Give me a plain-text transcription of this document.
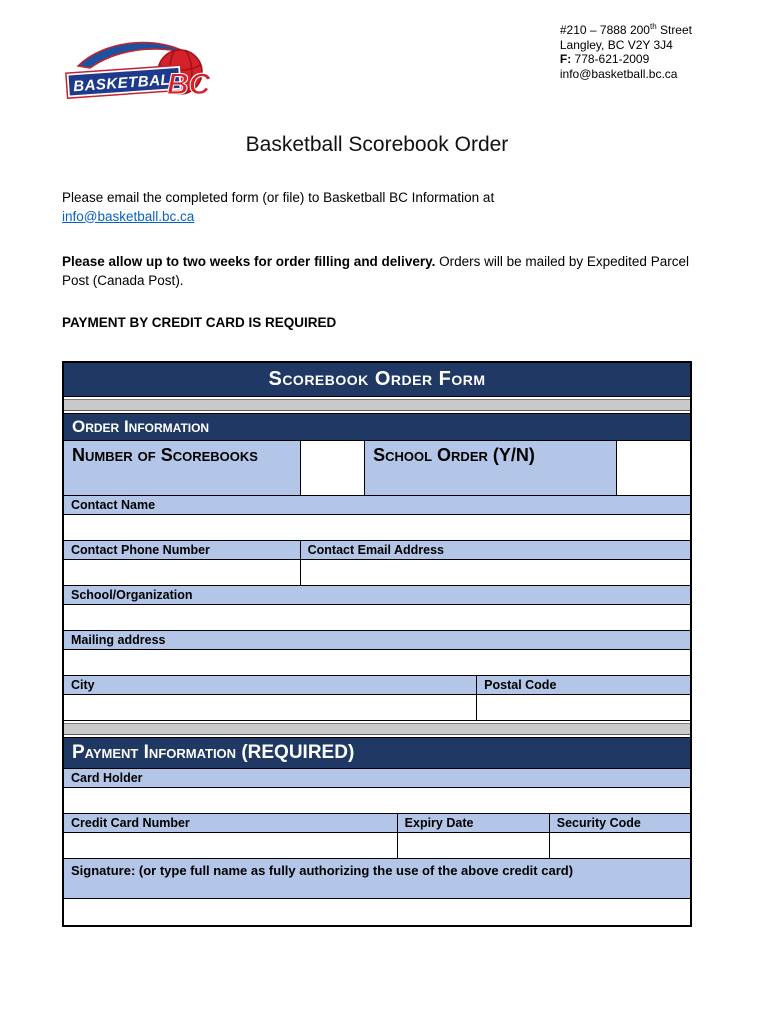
BASKETBALL
BC
#210 – 7888 200th Street
Langley, BC V2Y 3J4
F: 778-621-2009
info@basketball.bc.ca
Basketball Scorebook Order
Please email the completed form (or file) to Basketball BC Information at
info@basketball.bc.ca
Please allow up to two weeks for order filling and delivery. Orders will be mailed by Expedited Parcel Post (Canada Post).
PAYMENT BY CREDIT CARD IS REQUIRED
Scorebook Order Form
Order Information
Number of Scorebooks	School Order (Y/N)
Contact Name
Contact Phone Number	Contact Email Address
School/Organization
Mailing address
City	Postal Code
Payment Information (REQUIRED)
Card Holder
Credit Card Number	Expiry Date	Security Code
Signature: (or type full name as fully authorizing the use of the above credit card)
